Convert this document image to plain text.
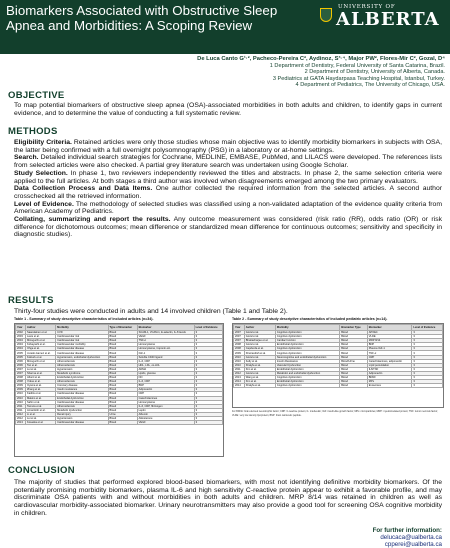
Biomarkers Associated with Obstructive Sleep
Apnea and Morbidities: A Scoping Review
UNIVERSITY OF
ALBERTA
De Luca Canto G¹·², Pacheco-Pereira C², Aydinoz, S³·⁴, Major PW², Flores-Mir C², Gozal, D⁴
1 Department of Dentistry, Federal University of Santa Catarina, Brazil.
2 Department of Dentistry, University of Alberta, Canada.
3 Pediatrics at GATA Haydarpasa Teaching Hospital, Istanbul, Turkey.
4 Department of Pediatrics, The University of Chicago, USA.
OBJECTIVE

To map potential biomarkers of obstructive sleep apnea (OSA)-associated morbidities in both adults and children, to identify gaps in current evidence, and to determine the value of conducting a full systematic review.

METHODS

Eligibility Criteria. Retained articles were only those studies whose main objective was to identify morbidity biomarkers in subjects with OSA, the latter being confirmed with a full overnight polysomnography (PSG) in a laboratory or at-home settings.

Search. Detailed individual search strategies for Cochrane, MEDLINE, EMBASE, PubMed, and LILACS were developed. The references lists from selected articles were also checked. A partial grey literature search was undertaken using Google Scholar.

Study Selection. In phase 1, two reviewers independently reviewed the titles and abstracts. In phase 2, the same selection criteria were applied to the full articles. At both stages a third author was involved when disagreements emerged among the two primary evaluators.

Data Collection Process and Data Items. One author collected the required information from the selected articles. A second author crosschecked all the retrieved information.

Level of Evidence. The methodology of selected studies was classified using a non-validated adaptation of the evidence quality criteria from American Academy of Pediatrics.

Collating, summarizing and report the results. Any outcome measurement was considered (risk ratio (RR), odds ratio (OR) or risk difference for dichotomous outcomes; mean difference or standardized mean difference for continuous outcomes; sensitivity and specificity in diagnostic studies).

RESULTS

Thirty-four studies were conducted in adults and 14 involved children (Table 1 and Table 2).

Table 1 - Summary of study descriptive characteristics of included articles (n=34).
Year	Author	Morbidity	Type of Biomarker	Biomarker	Level of Evidence
2002	Saarelainen et al.	CVD	Blood	SCAM-1, VCAM-1, E-selectin, IL-8 levels	3
2003	Lavie et al.	Cardiovascular risk	Blood	VEGF	3
2004	Minoguchi et al.	Cardiovascular risk	Blood	TNF-α	3
2004	Kobayashi et al.	Cardiovascular morbidity	Blood	Homocysteine	3
2004	Ohga et al.	Cardiovascular disease	Blood	Homocysteine, troponin etc.	3
2005	Jurado-Gamez et al.	Cardiovascular disease	Blood	IGF-1	3
2005	Kokturk et al.	Hypertension, endothelial dysfunction	Blood	Soluble CD40 ligand	3
2006	Minoguchi et al.	Atherosclerosis	Blood	IL-6, CRP	3
2006	Tan et al.	Atherosclerosis	Blood	HDL, LDL, ox-LDL	3
2007	Lui et al.	Hypertension	Blood	ADMA	3
2007	Sharma et al.	Metabolic syndrome	Blood	Lipids, glucose	3
2008	Alberti et al.	Endothelial dysfunction	Blood	NO	3
2008	Yokoe et al.	Atherosclerosis	Blood	IL-6, CRP	3
2009	Oyama et al.	Coronary disease	Blood	BNP	3
2009	Zhang et al.	Insulin resistance	Blood	Adiponectin	3
2010	Kaditis et al.	Cardiovascular disease	Blood	CRP	3
2010	Makino et al.	Endothelial dysfunction	Blood	Catecholamines	3
2010	Sahin et al.	Cardiovascular disease	Blood	Homocysteine	3
2011	Tamura et al.	Atherosclerosis	Blood	IL-6, CRP, fibrinogen	3
2011	Arnardottir et al.	Metabolic dysfunction	Blood	Leptin	3
2012	Li et al.	Renal injury	Urine	Albumin	3
2012	Lui et al.	Hypertension	Blood	Aldosterone	3
2013	Kosacka et al.	Cardiovascular disease	Blood	VEGF	3
Table 2 - Summary of study descriptive characteristics of included pediatric articles (n=14).
Year	Author	Morbidity	Biomarker Type	Biomarker	Level of Evidence
2007	Gozal et al.	Cognitive dysfunction	Blood	APOE4	3
2007	Gozal et al.	Cognitive dysfunction	Blood	VLDE	3
2007	Bhattacharjee et al.	Cardiac function	Blood	MRP 8/14	3
2008	Gozal et al.	Endothelial dysfunction	Blood	BNP	3
2008	Capdevila et al.	Cognitive dysfunction	Blood	Plasma IGF-1	3
2009	Kheirandish et al.	Cognitive dysfunction	Blood	TNF-α	3
2010	Gozal et al.	Neurocognitive and endothelial dysfunction	Blood	CRP	3
2010	Kelly et al.	Insulin Resistance	Blood/Urine	Catecholamines, adiponectin	3
2010	Khalyfa et al.	Vascular Dysfunction	Blood	Lipid peroxidation	3
2011	Kim et al.	Endothelial dysfunction	Blood	IL6/TNF	3
2012	Gozal et al.	Metabolic and endothelial dysfunction	Blood	Adiponectin	3
2013	Wang et al.	Cognitive dysfunction	Blood	BDNF	3
2014	Kim et al.	Endothelial dysfunction	Blood	MPs	3
2014	Khalyfa et al.	Cognitive dysfunction	Blood	Exosomes	3
For BDNA: brain-derived neurotrophic factor; CRP: C-reactive protein; IL: interleukin; IGF: insulin-like growth factor; MPs: microparticles; MRP: myeloid-related protein; TNF: tumor necrosis factor; VLDE: very low density lipoprotein; BNP: brain natriuretic peptide.
CONCLUSION

The majority of studies that performed explored blood-based biomarkers, with most not identifying definitive morbidity biomarkers. Of the potentially promising morbidity biomarkers, plasma IL-6 and high sensitivity C-reactive protein appear to exhibit a favorable profile, and may discriminate OSA patients with and without morbidities in both adults and children. MRP 8/14 was retained in children as well as cardiovascular morbidity-associated biomarker. Urinary neurotransmitters may also provide a good tool for screening OSA cognitive morbidity in children.

For further information:
delucaca@ualberta.ca
cpperei@ualberta.ca
